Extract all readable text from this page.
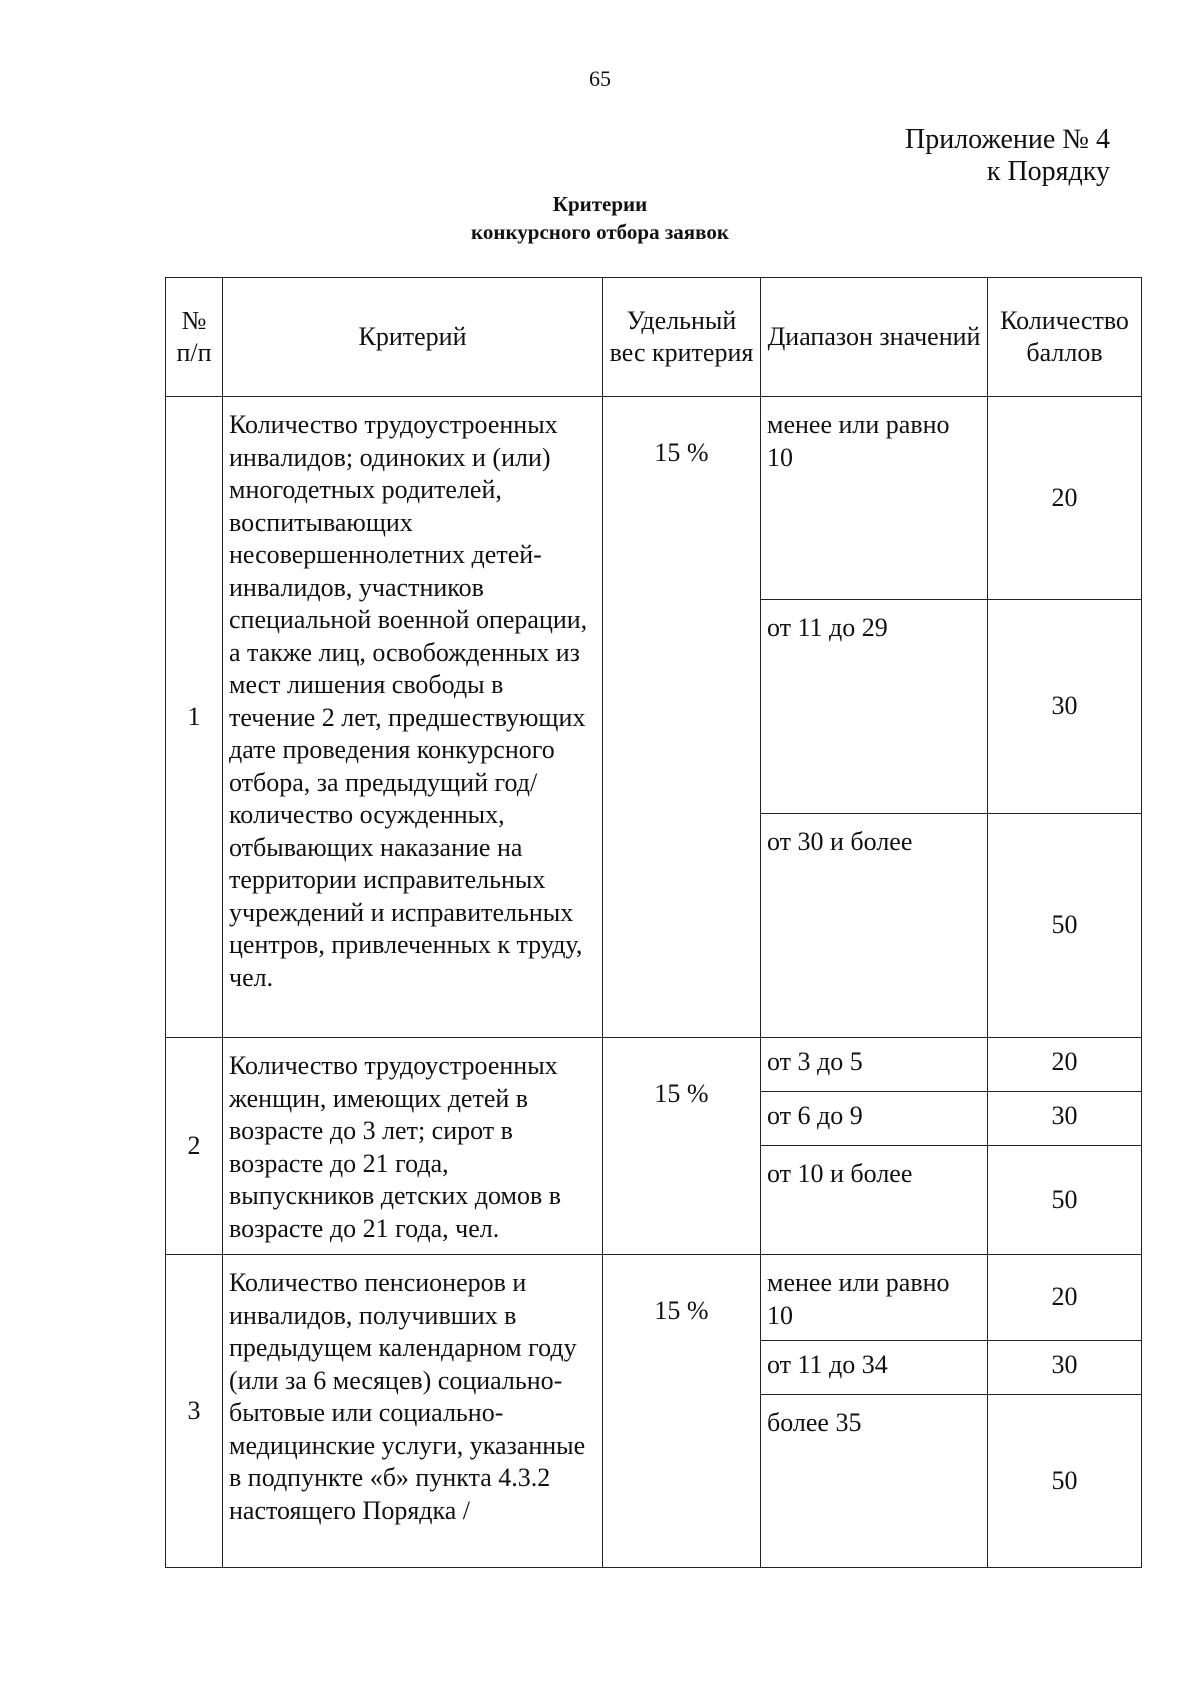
65
Приложение № 4
к Порядку
Критерии
конкурсного отбора заявок
№ п/п	Критерий	Удельный вес критерия	Диапазон значений	Количество баллов
1	Количество трудоустроенных инвалидов; одиноких и (или) многодетных родителей, воспитывающих несовершеннолетних детей-инвалидов, участников специальной военной операции, а также лиц, освобожденных из мест лишения свободы в течение 2 лет, предшествующих дате проведения конкурсного отбора, за предыдущий год/ количество осужденных, отбывающих наказание на территории исправительных учреждений и исправительных центров, привлеченных к труду, чел.	15 %	менее или равно 10	20
			от 11 до 29	30
			от 30 и более	50
2	Количество трудоустроенных женщин, имеющих детей в возрасте до 3 лет; сирот в возрасте до 21 года, выпускников детских домов в возрасте до 21 года, чел.	15 %	от 3 до 5	20
			от 6 до 9	30
			от 10 и более	50
3	Количество пенсионеров и инвалидов, получивших в предыдущем календарном году (или за 6 месяцев) социально-бытовые или социально-медицинские услуги, указанные в подпункте «б» пункта 4.3.2 настоящего Порядка /	15 %	менее или равно 10	20
			от 11 до 34	30
			более 35	50
